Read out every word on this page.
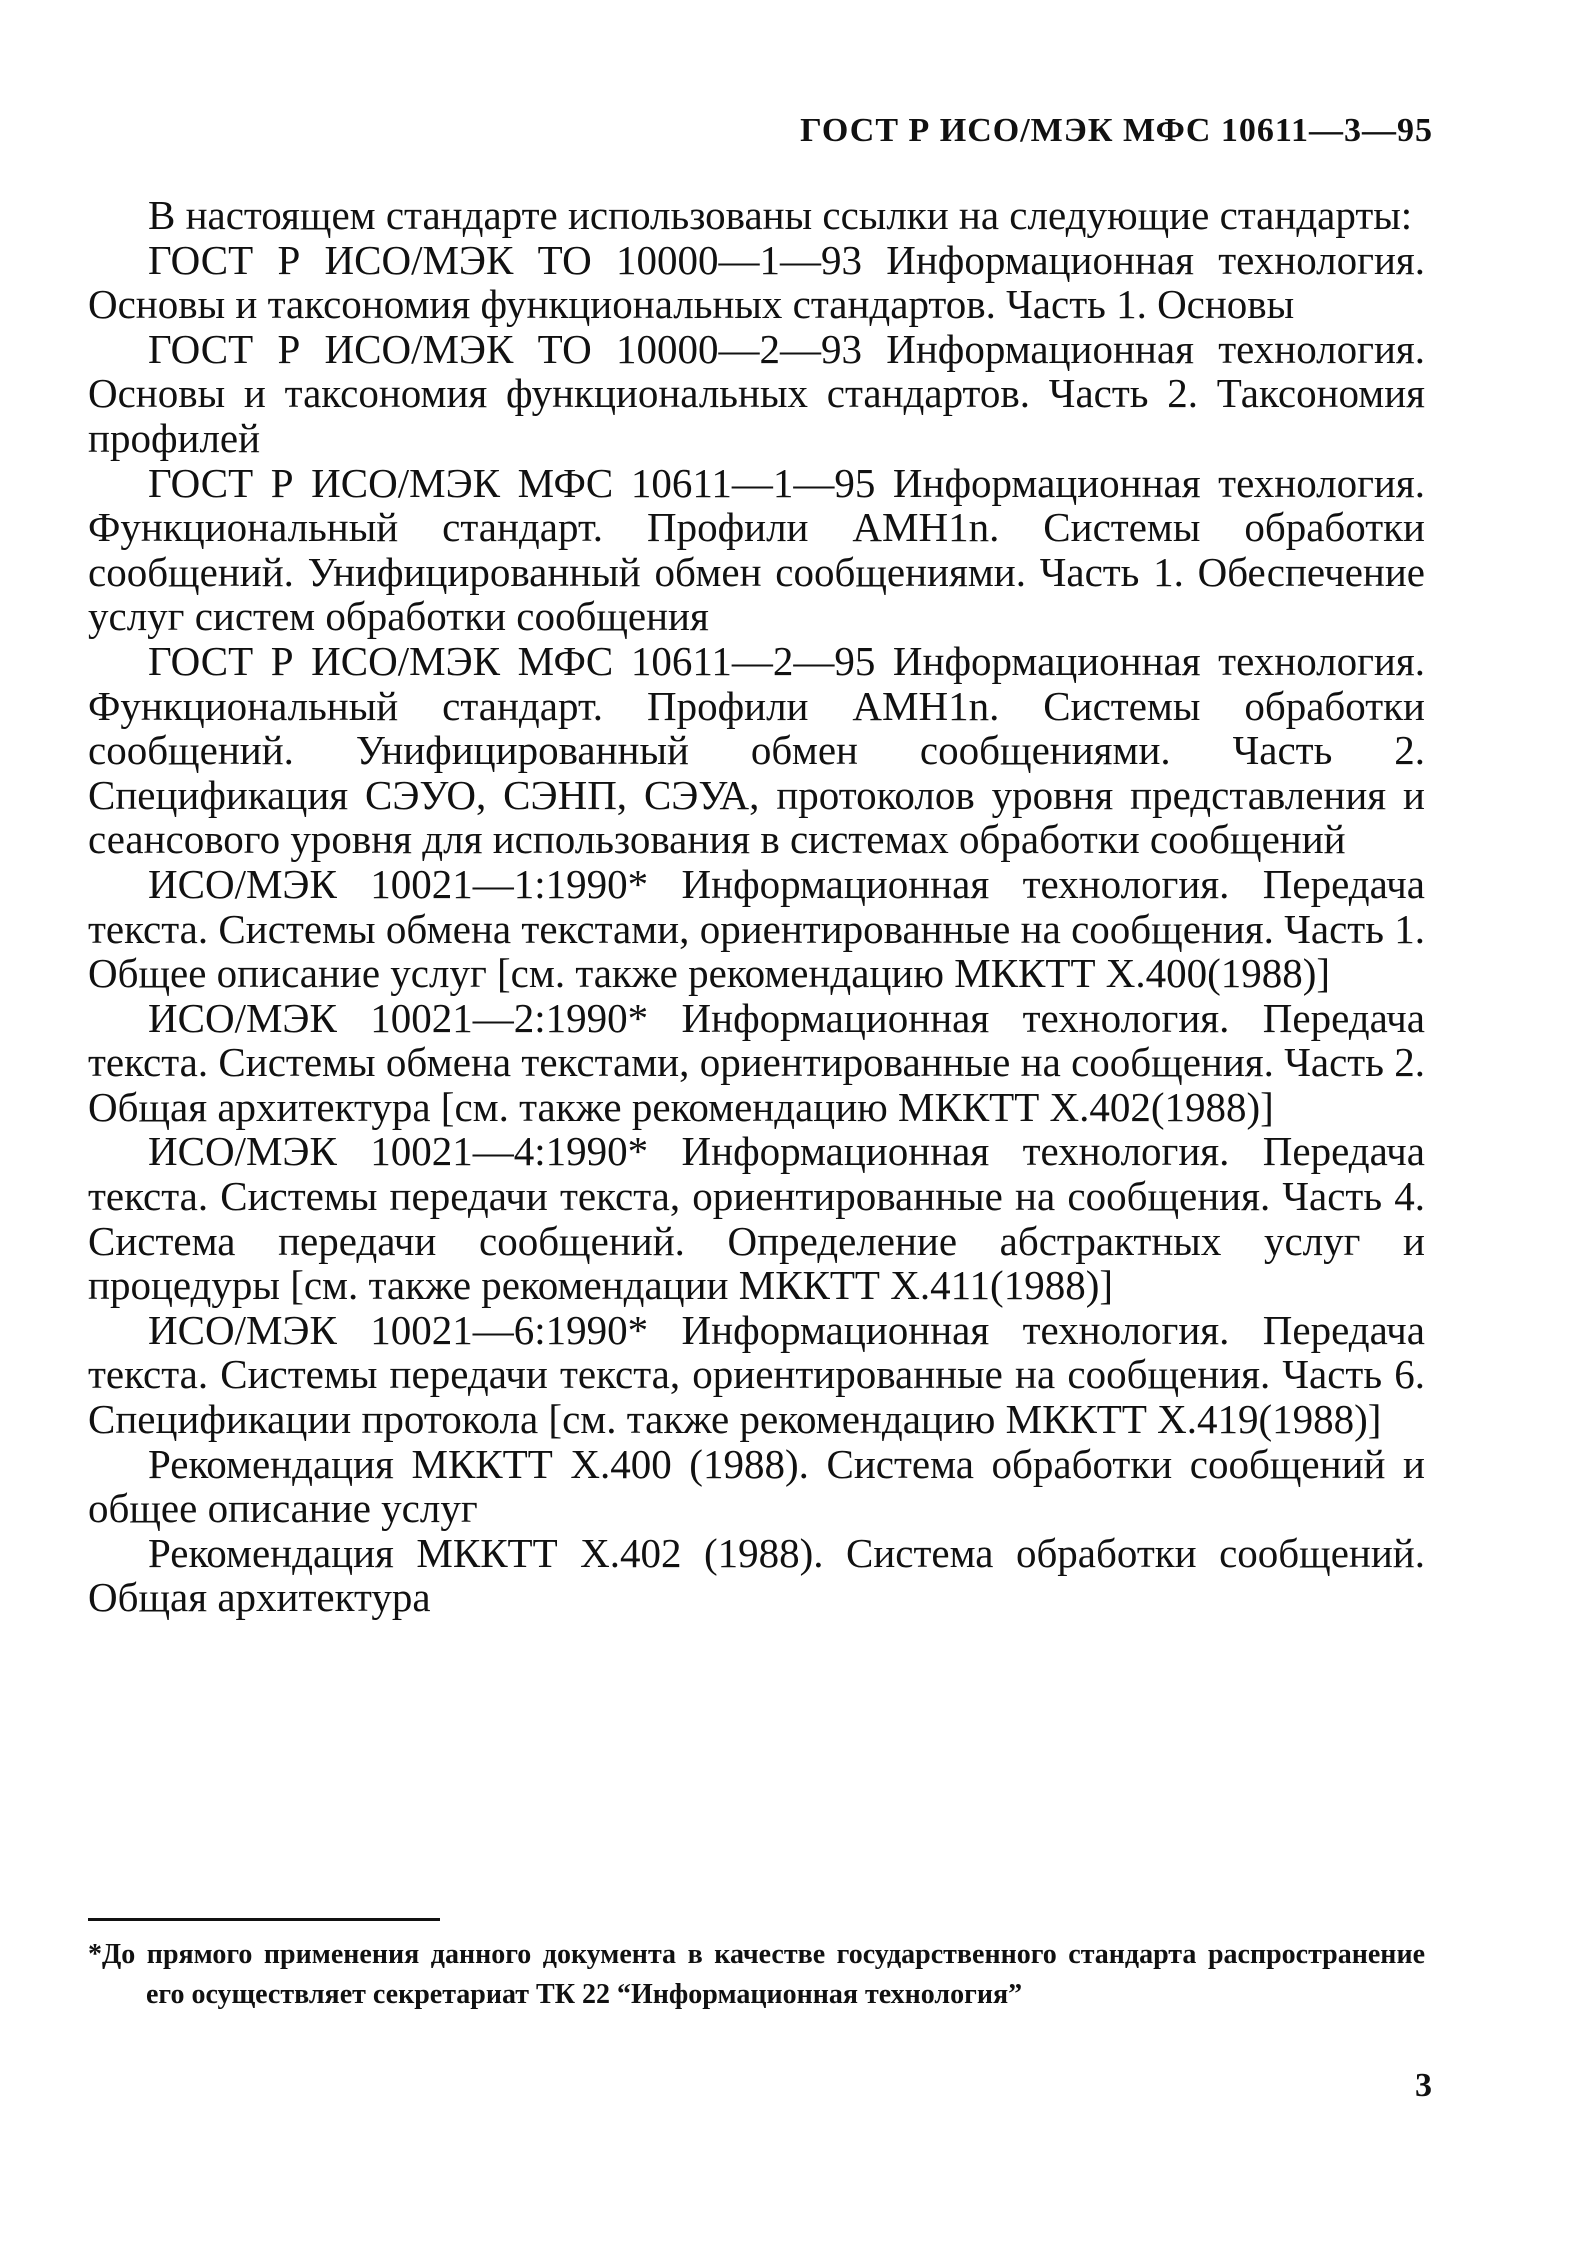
ГОСТ Р ИСО/МЭК МФС 10611—3—95

В настоящем стандарте использованы ссылки на следующие стандарты:

ГОСТ Р ИСО/МЭК ТО 10000—1—93 Информационная технология. Основы и таксономия функциональных стандартов. Часть 1. Основы

ГОСТ Р ИСО/МЭК ТО 10000—2—93 Информационная технология. Основы и таксономия функциональных стандартов. Часть 2. Таксономия профилей

ГОСТ Р ИСО/МЭК МФС 10611—1—95 Информационная технология. Функциональный стандарт. Профили АМН1n. Системы обработки сообщений. Унифицированный обмен сообщениями. Часть 1. Обеспечение услуг систем обработки сообщения

ГОСТ Р ИСО/МЭК МФС 10611—2—95 Информационная технология. Функциональный стандарт. Профили АМН1n. Системы обработки сообщений. Унифицированный обмен сообщениями. Часть 2. Спецификация СЭУО, СЭНП, СЭУА, протоколов уровня представления и сеансового уровня для использования в системах обработки сообщений

ИСО/МЭК 10021—1:1990* Информационная технология. Передача текста. Системы обмена текстами, ориентированные на сообщения. Часть 1. Общее описание услуг [см. также рекомендацию МККТТ Х.400(1988)]

ИСО/МЭК 10021—2:1990* Информационная технология. Передача текста. Системы обмена текстами, ориентированные на сообщения. Часть 2. Общая архитектура [см. также рекомендацию МККТТ Х.402(1988)]

ИСО/МЭК 10021—4:1990* Информационная технология. Передача текста. Системы передачи текста, ориентированные на сообщения. Часть 4. Система передачи сообщений. Определение абстрактных услуг и процедуры [см. также рекомендации МККТТ Х.411(1988)]

ИСО/МЭК 10021—6:1990* Информационная технология. Передача текста. Системы передачи текста, ориентированные на сообщения. Часть 6. Спецификации протокола [см. также рекомендацию МККТТ Х.419(1988)]

Рекомендация МККТТ Х.400 (1988). Система обработки сообщений и общее описание услуг

Рекомендация МККТТ Х.402 (1988). Система обработки сообщений. Общая архитектура

*До прямого применения данного документа в качестве государственного стандарта распространение его осуществляет секретариат ТК 22 “Информационная технология”

3
